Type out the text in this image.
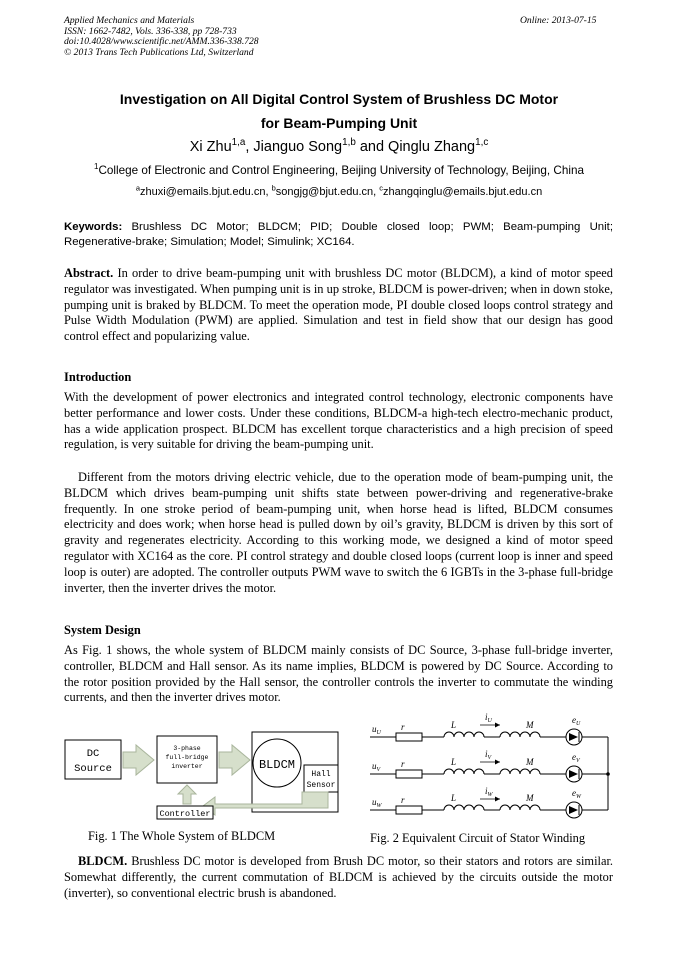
Applied Mechanics and Materials
ISSN: 1662-7482, Vols. 336-338, pp 728-733
doi:10.4028/www.scientific.net/AMM.336-338.728
© 2013 Trans Tech Publications Ltd, Switzerland
Online: 2013-07-15
Investigation on All Digital Control System of Brushless DC Motor
for Beam-Pumping Unit
Xi Zhu$^{1,a}$, Jianguo Song$^{1,b}$ and Qinglu Zhang$^{1,c}$
$^1$College of Electronic and Control Engineering, Beijing University of Technology, Beijing, China
$^a$zhuxi@emails.bjut.edu.cn, $^b$songjg@bjut.edu.cn, $^c$zhangqinglu@emails.bjut.edu.cn
Keywords: Brushless DC Motor; BLDCM; PID; Double closed loop; PWM; Beam-pumping Unit; Regenerative-brake; Simulation; Model; Simulink; XC164.
Abstract. In order to drive beam-pumping unit with brushless DC motor (BLDCM), a kind of motor speed regulator was investigated. When pumping unit is in up stroke, BLDCM is power-driven; when in down stoke, pumping unit is braked by BLDCM. To meet the operation mode, PI double closed loops control strategy and Pulse Width Modulation (PWM) are applied. Simulation and test in field show that our design has good control effect and popularizing value.
Introduction
With the development of power electronics and integrated control technology, electronic components have better performance and lower costs. Under these conditions, BLDCM-a high-tech electro-mechanic product, has a wide application prospect. BLDCM has excellent torque characteristics and a high precision of speed regulation, is very suitable for driving the beam-pumping unit.
Different from the motors driving electric vehicle, due to the operation mode of beam-pumping unit, the BLDCM which drives beam-pumping unit shifts state between power-driving and regenerative-brake frequently. In one stroke period of beam-pumping unit, when horse head is lifted, BLDCM consumes electricity and does work; when horse head is pulled down by oil’s gravity, BLDCM is driven by this sort of gravity and regenerates electricity. According to this working mode, we designed a kind of motor speed regulator with XC164 as the core. PI control strategy and double closed loops (current loop is inner and speed loop is outer) are adopted. The controller outputs PWM wave to switch the 6 IGBTs in the 3-phase full-bridge inverter, then the inverter drives the motor.
System Design
As Fig. 1 shows, the whole system of BLDCM mainly consists of DC Source, 3-phase full-bridge inverter, controller, BLDCM and Hall sensor. As its name implies, BLDCM is powered by DC Source. According to the rotor position provided by the Hall sensor, the controller controls the inverter to commutate the winding currents, and then the inverter drives motor.
DC
Source
3-phase
full-bridge
inverter	BLDCM
Hall
Sensor
Controller
Fig. 1 The Whole System of BLDCM
$u_U$
r	L
$i_U$	M	$e_U$
$u_V$
r	L
$i_V$	M	$e_V$
$u_W$
r	L
$i_W$	M	$e_W$
Fig. 2 Equivalent Circuit of Stator Winding
BLDCM. Brushless DC motor is developed from Brush DC motor, so their stators and rotors are similar. Somewhat differently, the current commutation of BLDCM is achieved by the circuits outside the motor (inverter), so conventional electric brush is abandoned.
